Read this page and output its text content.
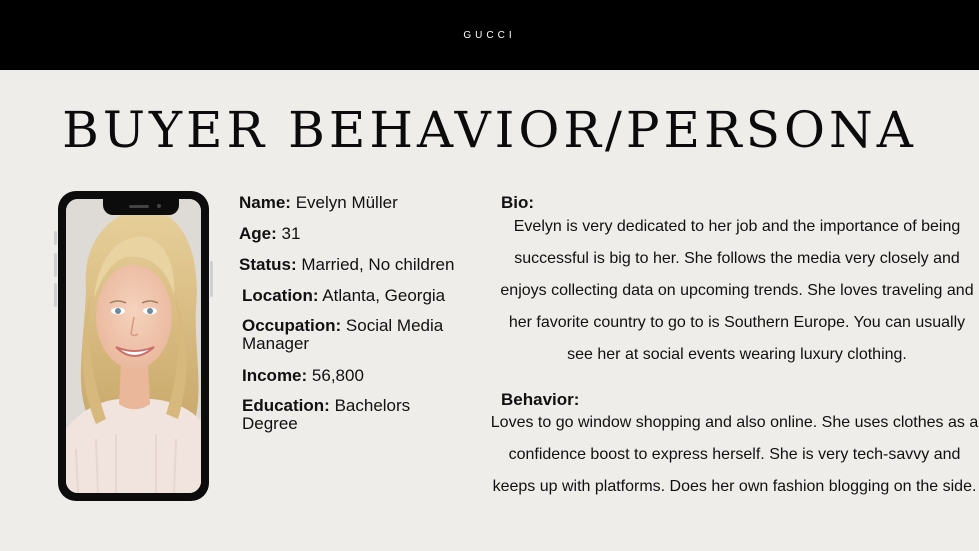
GUCCI
BUYER BEHAVIOR/PERSONA
Name: Evelyn Müller
Age: 31
Status: Married, No children
Location: Atlanta, Georgia
Occupation: Social Media Manager
Income: 56,800
Education: Bachelors Degree
Bio:
Evelyn is very dedicated to her job and the importance of being successful is big to her. She follows the media very closely and enjoys collecting data on upcoming trends. She loves traveling and her favorite country to go to is Southern Europe. You can usually see her at social events wearing luxury clothing.
Behavior:
Loves to go window shopping and also online. She uses clothes as a confidence boost to express herself. She is very tech-savvy and keeps up with platforms. Does her own fashion blogging on the side.
